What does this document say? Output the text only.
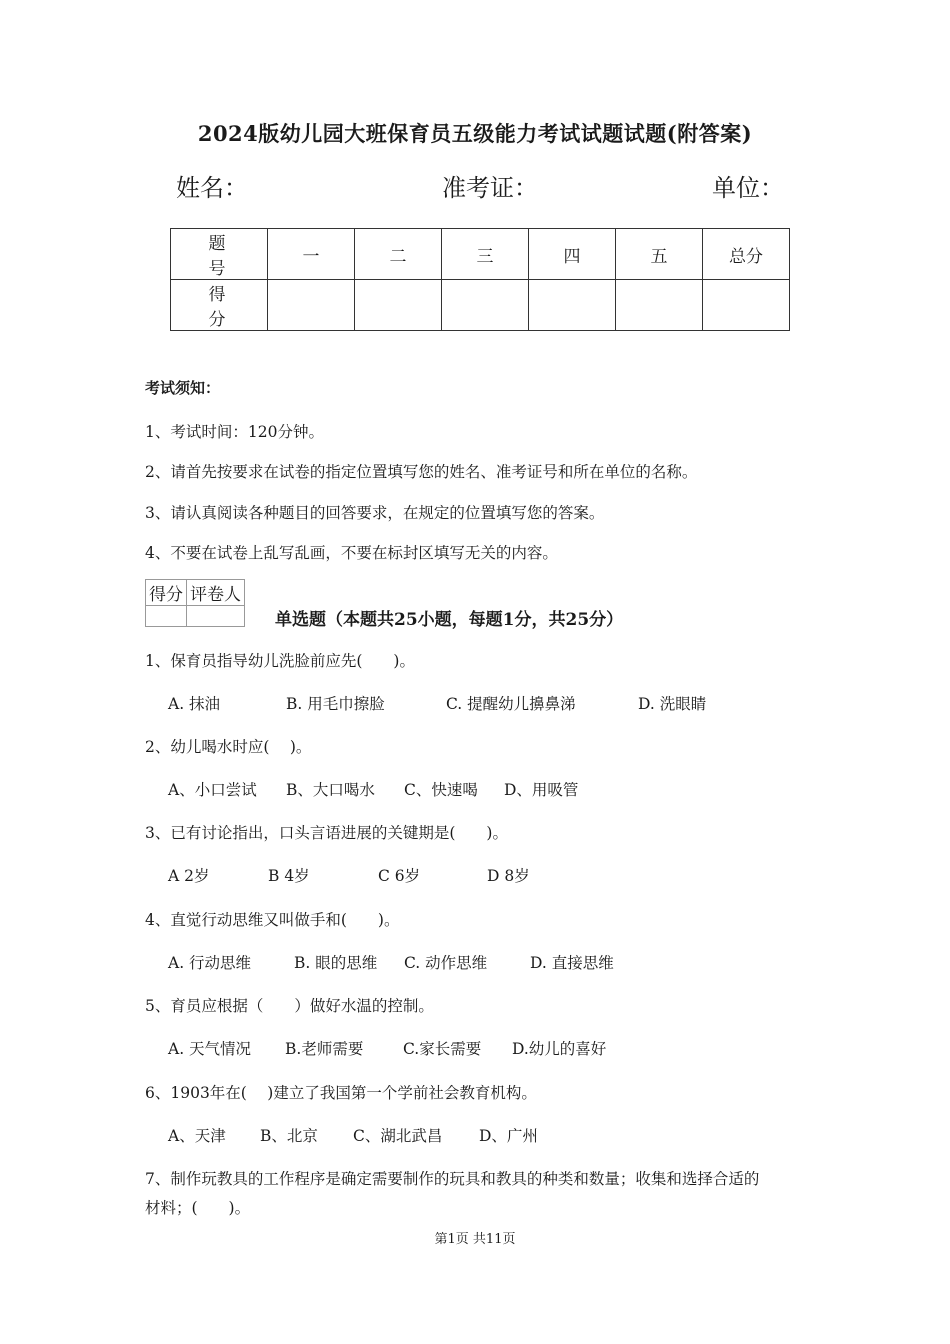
2024版幼儿园大班保育员五级能力考试试题试题(附答案)
姓名：	准考证：	单位：
题　号	一	二	三	四	五	总分
得　分						
考试须知：
1、考试时间：120分钟。
2、请首先按要求在试卷的指定位置填写您的姓名、准考证号和所在单位的名称。
3、请认真阅读各种题目的回答要求，在规定的位置填写您的答案。
4、不要在试卷上乱写乱画，不要在标封区填写无关的内容。
得分	评卷人

单选题（本题共25小题，每题1分，共25分）
1、保育员指导幼儿洗脸前应先(　　)。
A. 抹油	B. 用毛巾擦脸	C. 提醒幼儿擤鼻涕	D. 洗眼睛
2、幼儿喝水时应(　 )。
A、小口尝试 B、大口喝水 C、快速喝 D、用吸管
3、已有讨论指出，口头言语进展的关键期是(　　)。
A 2岁	B 4岁	C 6岁	D 8岁
4、直觉行动思维又叫做手和(　　)。
A. 行动思维	B. 眼的思维 C. 动作思维	D. 直接思维
5、育员应根据（　　）做好水温的控制。
A. 天气情况 B.老师需要	C.家长需要 D.幼儿的喜好
6、1903年在(　 )建立了我国第一个学前社会教育机构。
A、天津 B、北京 C、湖北武昌 D、广州
7、制作玩教具的工作程序是确定需要制作的玩具和教具的种类和数量；收集和选择合适的
材料；(　　)。
第1页 共11页
